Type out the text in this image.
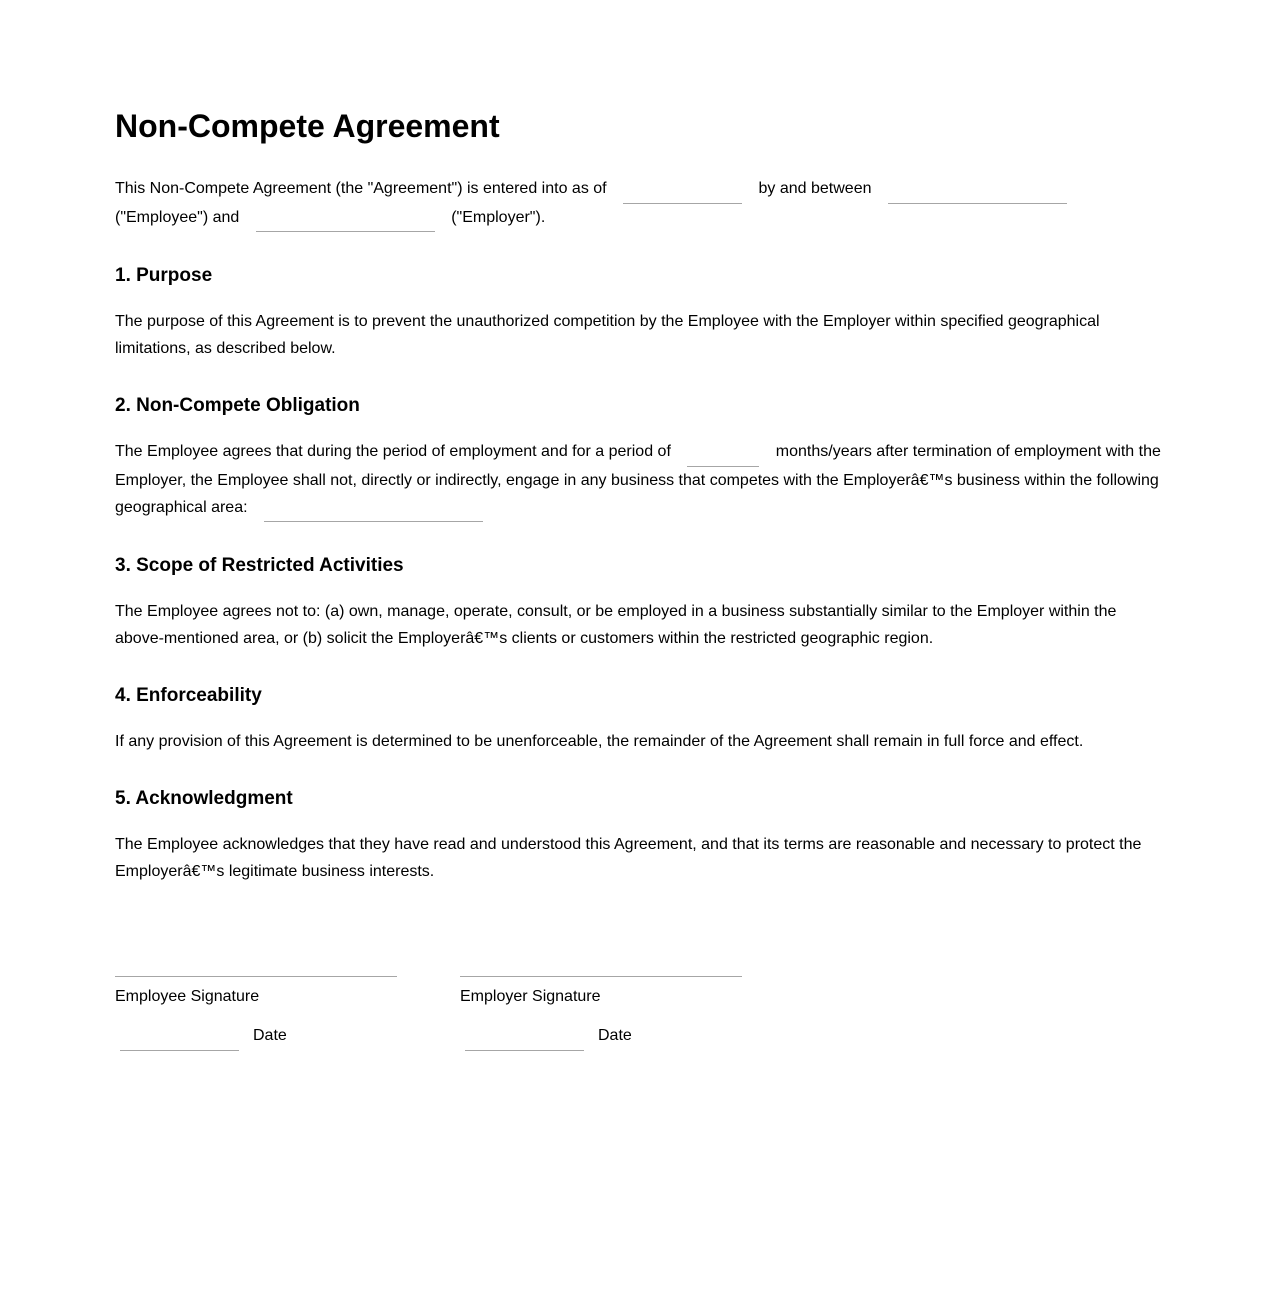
Non-Compete Agreement

This Non-Compete Agreement (the "Agreement") is entered into as of	by and between  ("Employee") and	("Employer").

1. Purpose

The purpose of this Agreement is to prevent the unauthorized competition by the Employee with the Employer within specified geographical limitations, as described below.

2. Non-Compete Obligation

The Employee agrees that during the period of employment and for a period of	months/years after termination of employment with the Employer, the Employee shall not, directly or indirectly, engage in any business that competes with the Employerâ€™s business within the following geographical area:

3. Scope of Restricted Activities

The Employee agrees not to: (a) own, manage, operate, consult, or be employed in a business substantially similar to the Employer within the above-mentioned area, or (b) solicit the Employerâ€™s clients or customers within the restricted geographic region.

4. Enforceability

If any provision of this Agreement is determined to be unenforceable, the remainder of the Agreement shall remain in full force and effect.

5. Acknowledgment

The Employee acknowledges that they have read and understood this Agreement, and that its terms are reasonable and necessary to protect the Employerâ€™s legitimate business interests.

Employee Signature
Date
Employer Signature
Date
